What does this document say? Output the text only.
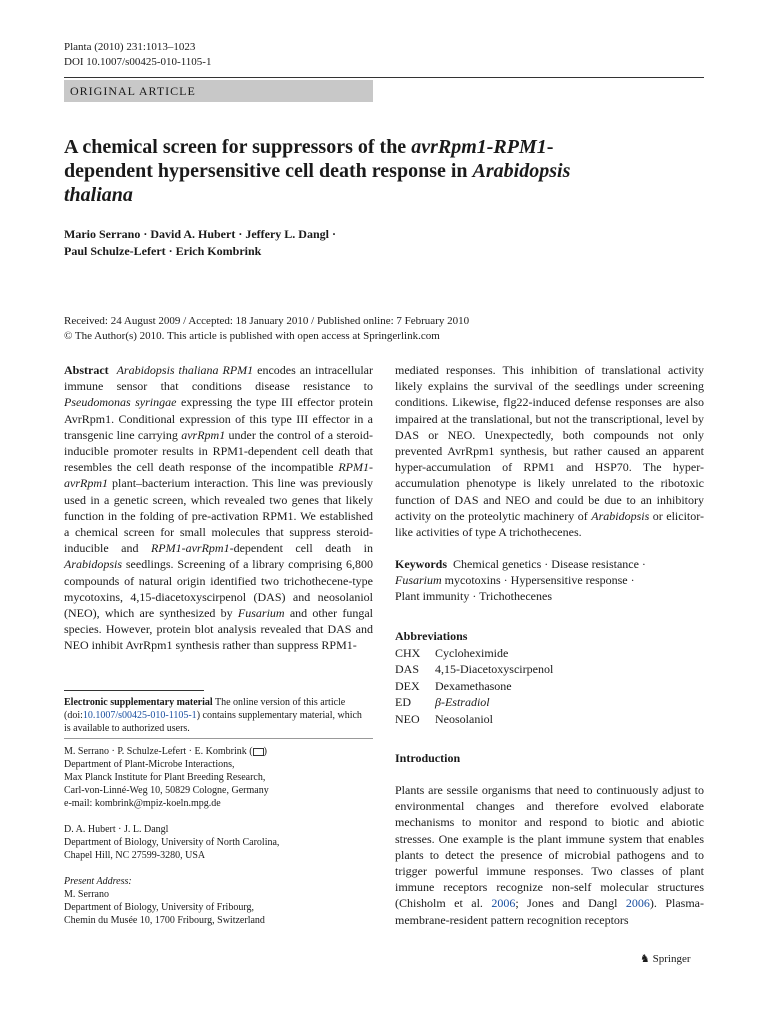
Planta (2010) 231:1013–1023
DOI 10.1007/s00425-010-1105-1
ORIGINAL ARTICLE
A chemical screen for suppressors of the avrRpm1-RPM1-dependent hypersensitive cell death response in Arabidopsis thaliana
Mario Serrano · David A. Hubert · Jeffery L. Dangl ·
Paul Schulze-Lefert · Erich Kombrink
Received: 24 August 2009 / Accepted: 18 January 2010 / Published online: 7 February 2010
© The Author(s) 2010. This article is published with open access at Springerlink.com

Abstract Arabidopsis thaliana RPM1 encodes an intracellular immune sensor that conditions disease resistance to Pseudomonas syringae expressing the type III effector protein AvrRpm1. Conditional expression of this type III effector in a transgenic line carrying avrRpm1 under the control of a steroid-inducible promoter results in RPM1-dependent cell death that resembles the cell death response of the incompatible RPM1-avrRpm1 plant–bacterium interaction. This line was previously used in a genetic screen, which revealed two genes that likely function in the folding of pre-activation RPM1. We established a chemical screen for small molecules that suppress steroid-inducible and RPM1-avrRpm1-dependent cell death in Arabidopsis seedlings. Screening of a library comprising 6,800 compounds of natural origin identified two trichothecene-type mycotoxins, 4,15-diacetoxyscirpenol (DAS) and neosolaniol (NEO), which are synthesized by Fusarium and other fungal species. However, protein blot analysis revealed that DAS and NEO inhibit AvrRpm1 synthesis rather than suppress RPM1-

Electronic supplementary material The online version of this article (doi:10.1007/s00425-010-1105-1) contains supplementary material, which is available to authorized users.
M. Serrano · P. Schulze-Lefert · E. Kombrink ( )
Department of Plant-Microbe Interactions,
Max Planck Institute for Plant Breeding Research,
Carl-von-Linné-Weg 10, 50829 Cologne, Germany
e-mail: kombrink@mpiz-koeln.mpg.de
D. A. Hubert · J. L. Dangl
Department of Biology, University of North Carolina,
Chapel Hill, NC 27599-3280, USA
Present Address:
M. Serrano
Department of Biology, University of Fribourg,
Chemin du Musée 10, 1700 Fribourg, Switzerland

mediated responses. This inhibition of translational activity likely explains the survival of the seedlings under screening conditions. Likewise, flg22-induced defense responses are also impaired at the translational, but not the transcriptional, level by DAS or NEO. Unexpectedly, both compounds not only prevented AvrRpm1 synthesis, but rather caused an apparent hyper-accumulation of RPM1 and HSP70. The hyper-accumulation phenotype is likely unrelated to the ribotoxic function of DAS and NEO and could be due to an inhibitory activity on the proteolytic machinery of Arabidopsis or elicitor-like activities of type A trichothecenes.

Keywords Chemical genetics · Disease resistance ·
Fusarium mycotoxins · Hypersensitive response ·
Plant immunity · Trichothecenes
Abbreviations
CHX	Cycloheximide
DAS	4,15-Diacetoxyscirpenol
DEX	Dexamethasone
ED	β-Estradiol
NEO	Neosolaniol
Introduction

Plants are sessile organisms that need to continuously adjust to environmental changes and therefore evolved elaborate mechanisms to monitor and respond to biotic and abiotic stresses. One example is the plant immune system that enables plants to detect the presence of microbial pathogens and to trigger powerful immune responses. Two classes of plant immune receptors recognize non-self molecular structures (Chisholm et al. 2006; Jones and Dangl 2006). Plasma-membrane-resident pattern recognition receptors

♞ Springer
